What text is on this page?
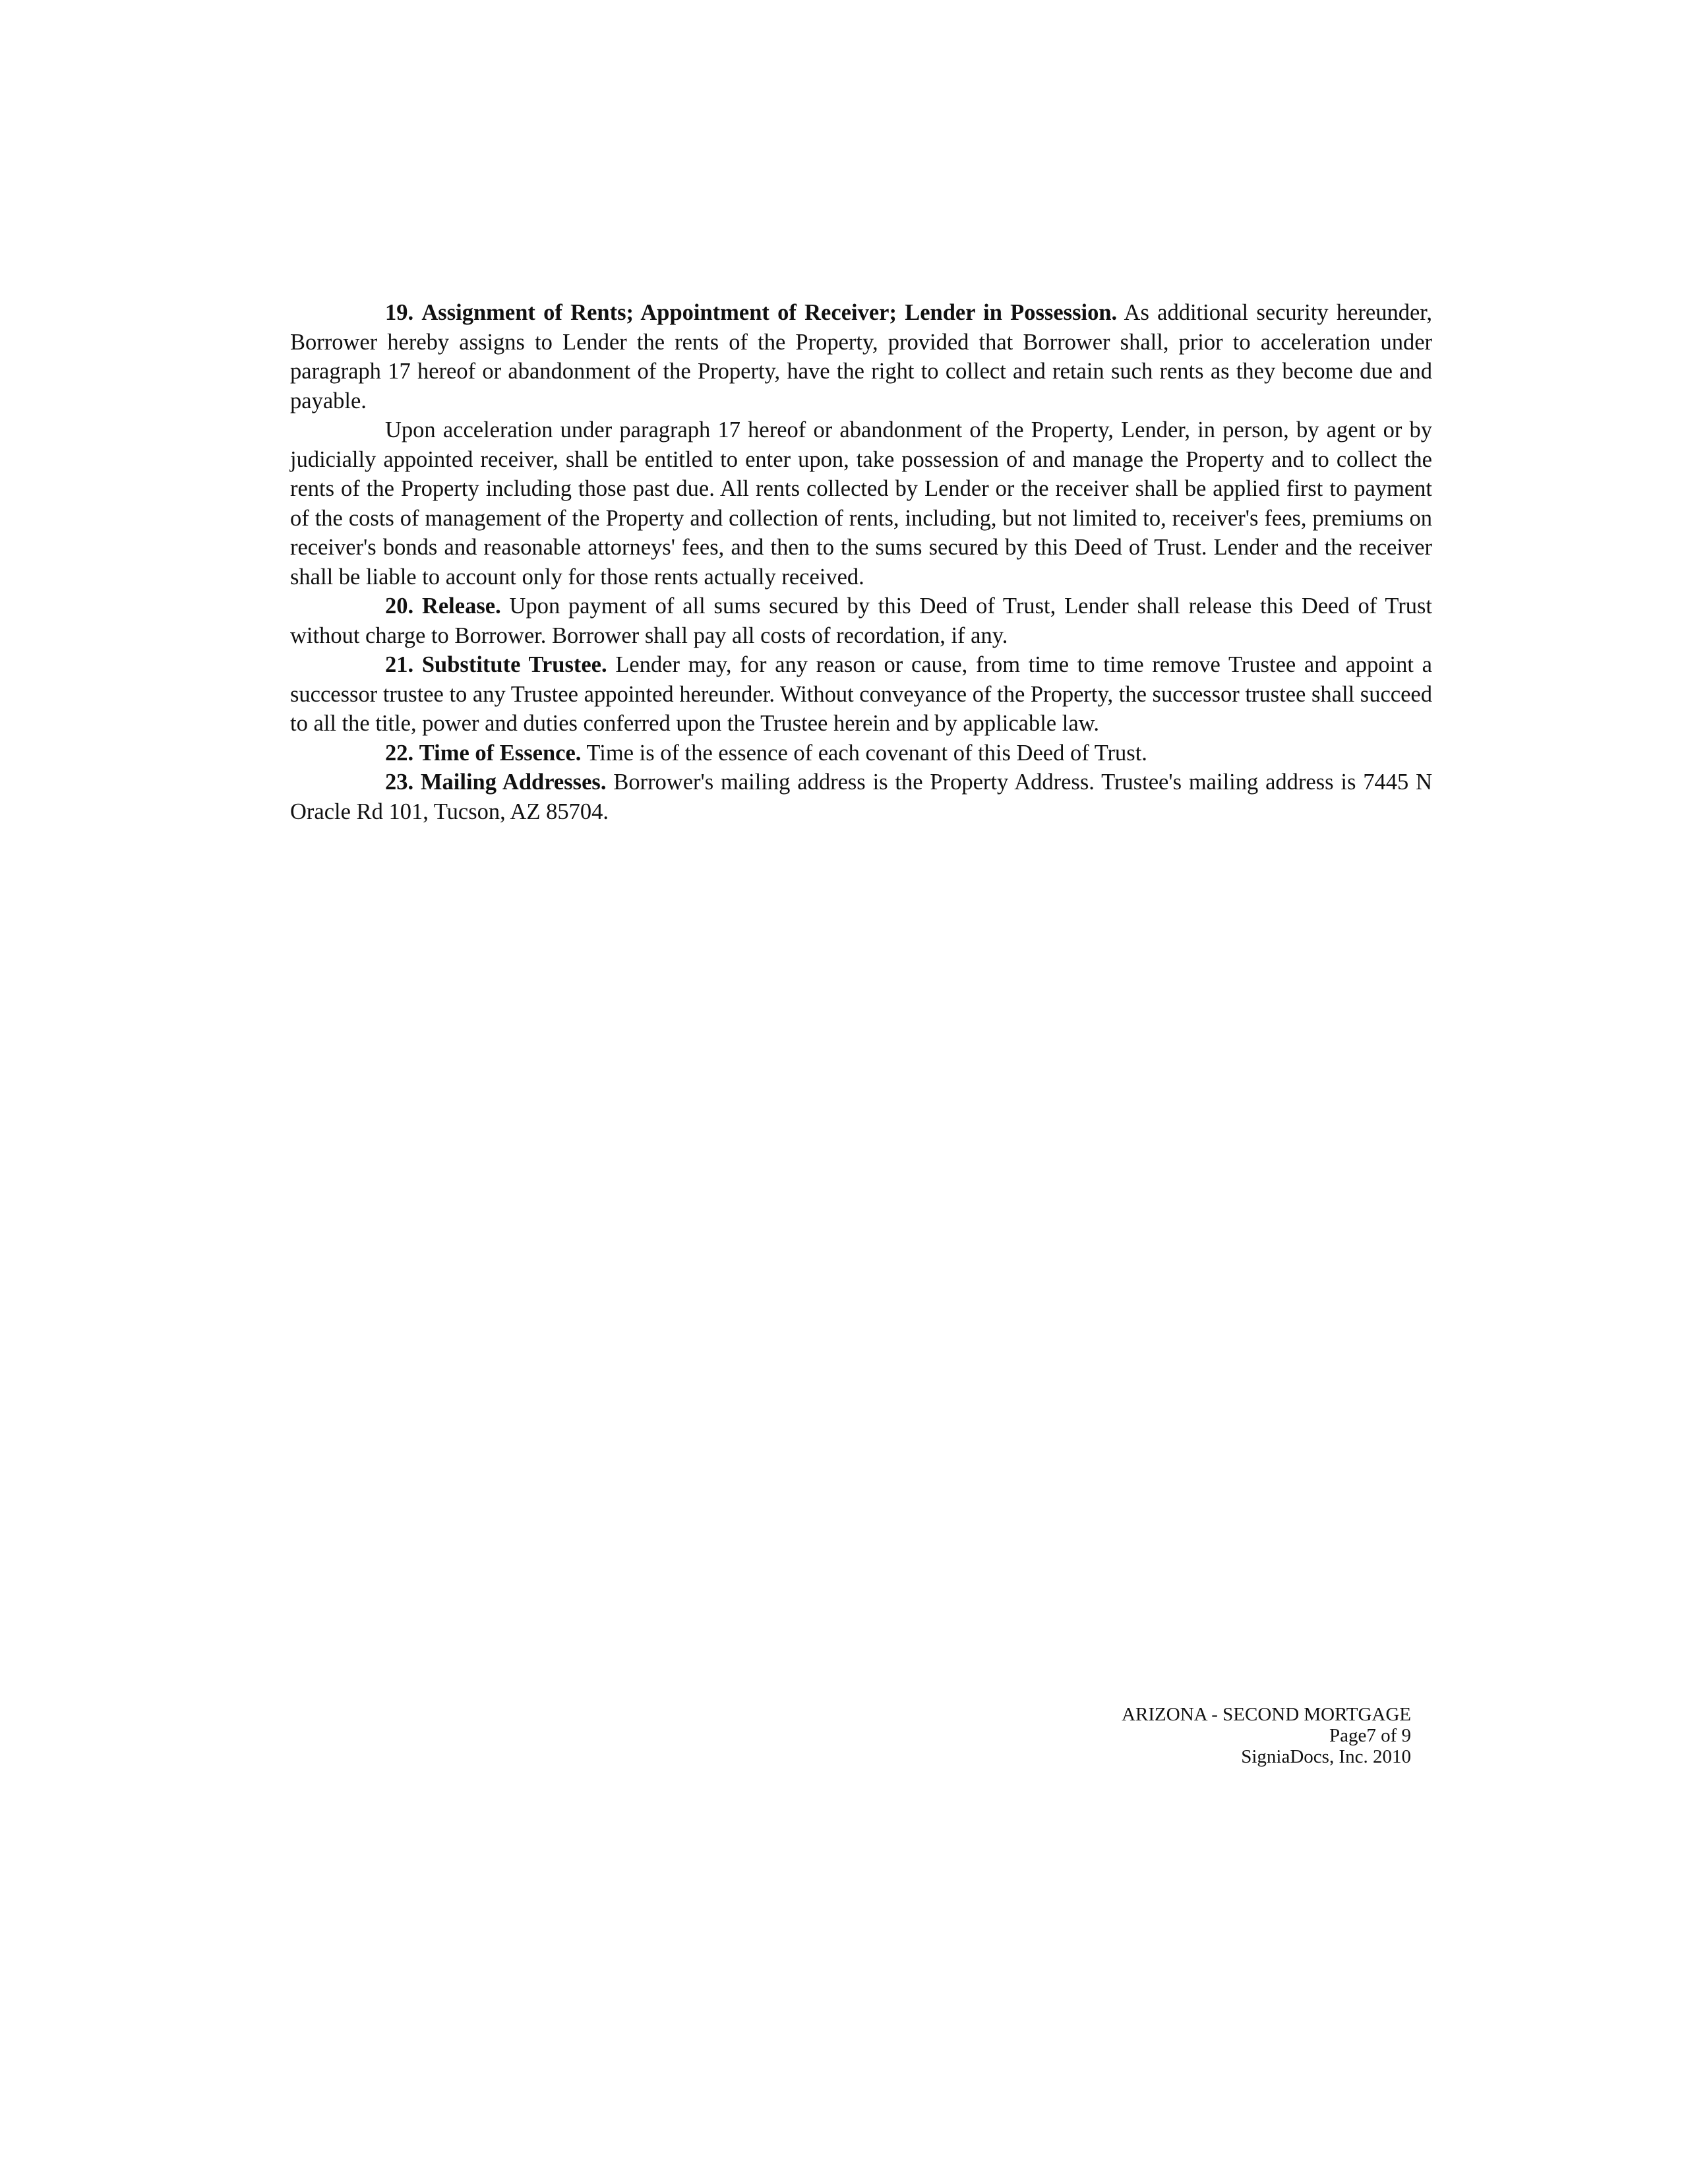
19. Assignment of Rents; Appointment of Receiver; Lender in Possession. As additional security hereunder, Borrower hereby assigns to Lender the rents of the Property, provided that Borrower shall, prior to acceleration under paragraph 17 hereof or abandonment of the Property, have the right to collect and retain such rents as they become due and payable.

Upon acceleration under paragraph 17 hereof or abandonment of the Property, Lender, in person, by agent or by judicially appointed receiver, shall be entitled to enter upon, take possession of and manage the Property and to collect the rents of the Property including those past due. All rents collected by Lender or the receiver shall be applied first to payment of the costs of management of the Property and collection of rents, including, but not limited to, receiver's fees, premiums on receiver's bonds and reasonable attorneys' fees, and then to the sums secured by this Deed of Trust. Lender and the receiver shall be liable to account only for those rents actually received.

20. Release. Upon payment of all sums secured by this Deed of Trust, Lender shall release this Deed of Trust without charge to Borrower. Borrower shall pay all costs of recordation, if any.

21. Substitute Trustee. Lender may, for any reason or cause, from time to time remove Trustee and appoint a successor trustee to any Trustee appointed hereunder. Without conveyance of the Property, the successor trustee shall succeed to all the title, power and duties conferred upon the Trustee herein and by applicable law.

22. Time of Essence. Time is of the essence of each covenant of this Deed of Trust.

23. Mailing Addresses. Borrower's mailing address is the Property Address. Trustee's mailing address is 7445 N Oracle Rd 101, Tucson, AZ 85704.

ARIZONA - SECOND MORTGAGE
Page7 of 9
SigniaDocs, Inc. 2010
